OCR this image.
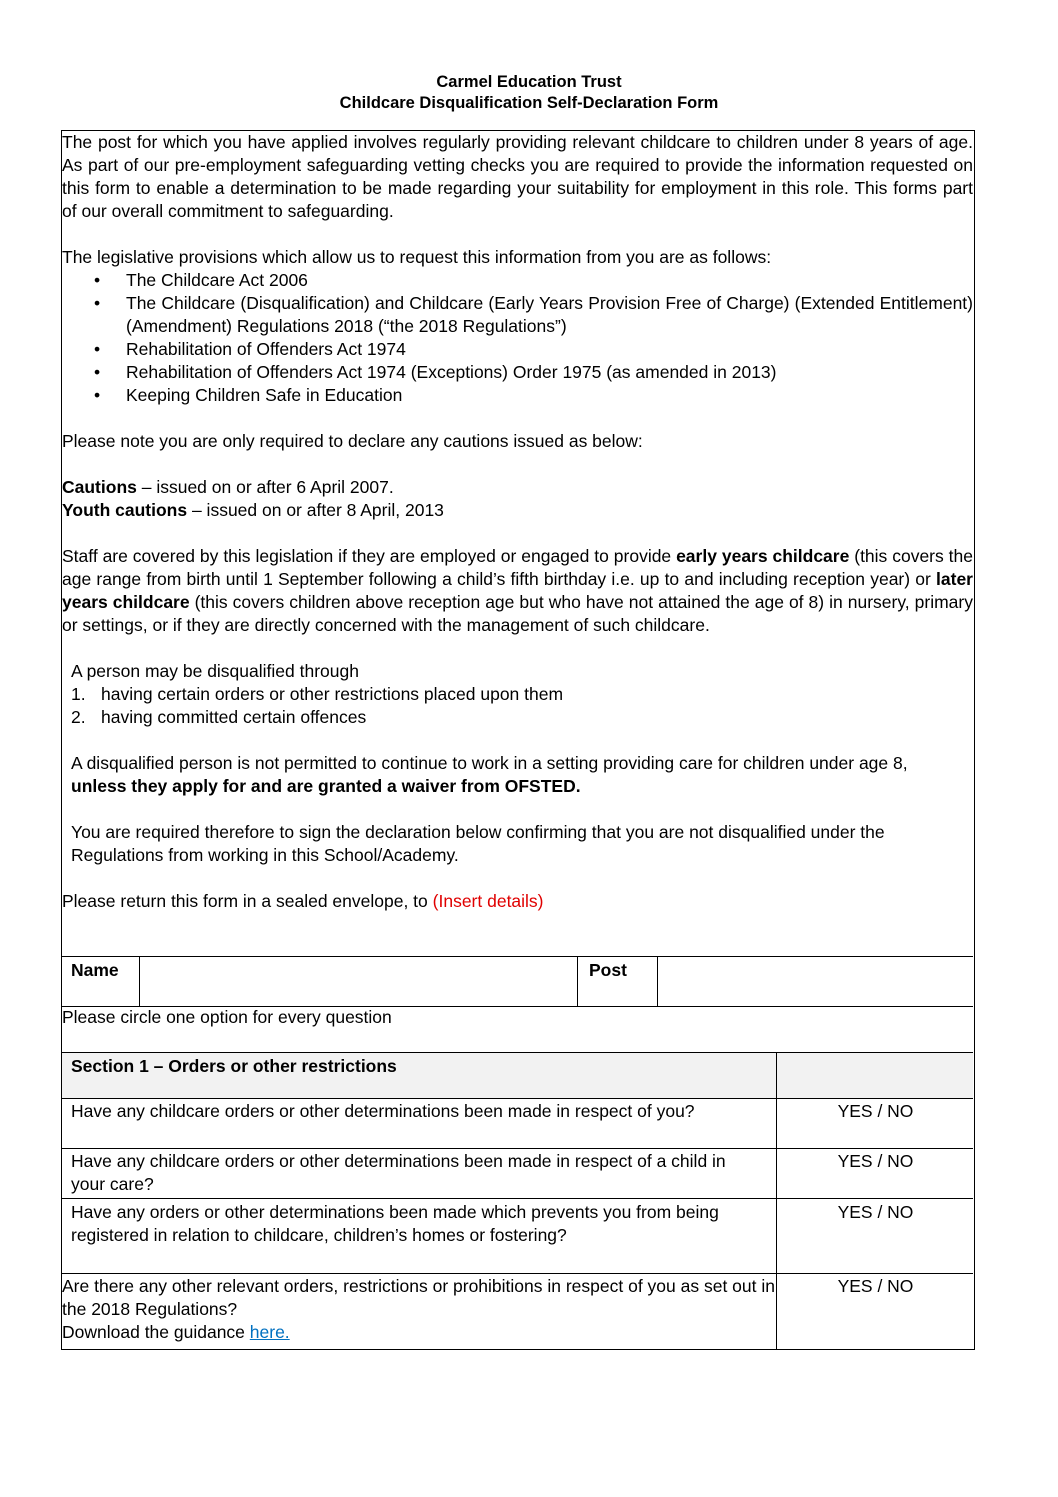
Carmel Education Trust
Childcare Disqualification Self-Declaration Form

The post for which you have applied involves regularly providing relevant childcare to children under 8 years of age. As part of our pre-employment safeguarding vetting checks you are required to provide the information requested on this form to enable a determination to be made regarding your suitability for employment in this role. This forms part of our overall commitment to safeguarding.

The legislative provisions which allow us to request this information from you are as follows:

• The Childcare Act 2006
• The Childcare (Disqualification) and Childcare (Early Years Provision Free of Charge) (Extended Entitlement) (Amendment) Regulations 2018 (“the 2018 Regulations”)
• Rehabilitation of Offenders Act 1974
• Rehabilitation of Offenders Act 1974 (Exceptions) Order 1975 (as amended in 2013)
• Keeping Children Safe in Education

Please note you are only required to declare any cautions issued as below:

Cautions – issued on or after 6 April 2007.

Youth cautions – issued on or after 8 April, 2013

Staff are covered by this legislation if they are employed or engaged to provide early years childcare (this covers the age range from birth until 1 September following a child’s fifth birthday i.e. up to and including reception year) or later years childcare (this covers children above reception age but who have not attained the age of 8) in nursery, primary or settings, or if they are directly concerned with the management of such childcare.

A person may be disqualified through

1. having certain orders or other restrictions placed upon them
2. having committed certain offences

A disqualified person is not permitted to continue to work in a setting providing care for children under age 8, unless they apply for and are granted a waiver from OFSTED.

You are required therefore to sign the declaration below confirming that you are not disqualified under the Regulations from working in this School/Academy.

Please return this form in a sealed envelope, to (Insert details)

Name	Post
Please circle one option for every question
Section 1 – Orders or other restrictions
Have any childcare orders or other determinations been made in respect of you?	YES / NO
Have any childcare orders or other determinations been made in respect of a child in your care?
YES / NO
Have any orders or other determinations been made which prevents you from being registered in relation to childcare, children’s homes or fostering?
YES / NO
Are there any other relevant orders, restrictions or prohibitions in respect of you as set out in the 2018 Regulations?
Download the guidance here.
YES / NO
